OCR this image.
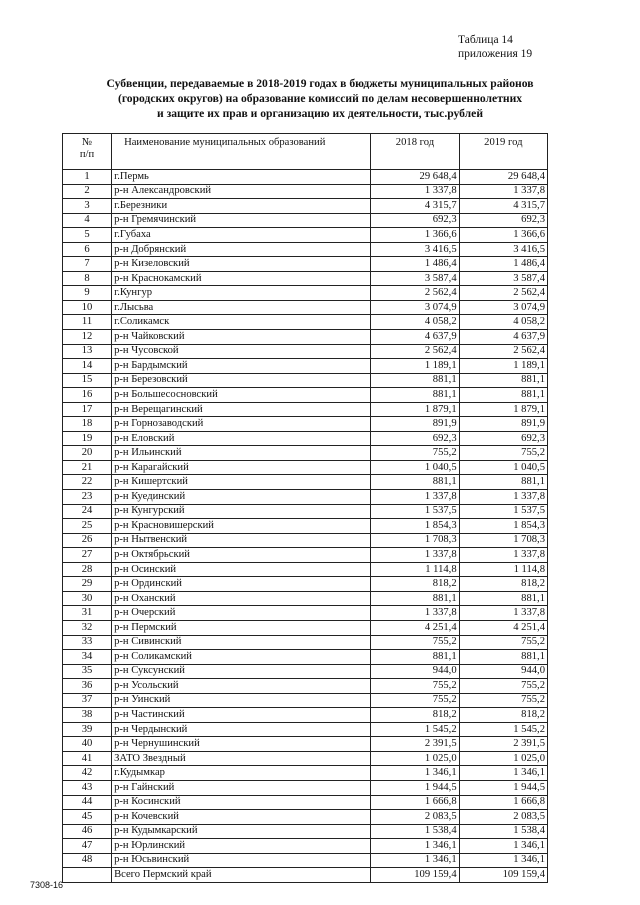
Таблица 14
приложения 19
Субвенции, передаваемые в 2018-2019 годах в бюджеты муниципальных районов
(городских округов) на образование комиссий по делам несовершеннолетних
и защите их прав и организацию их деятельности, тыс.рублей
№
п/п	Наименование муниципальных образований	2018 год	2019 год
1	г.Пермь	29 648,4	29 648,4
2	р-н Александровский	1 337,8	1 337,8
3	г.Березники	4 315,7	4 315,7
4	р-н Гремячинский	692,3	692,3
5	г.Губаха	1 366,6	1 366,6
6	р-н Добрянский	3 416,5	3 416,5
7	р-н Кизеловский	1 486,4	1 486,4
8	р-н Краснокамский	3 587,4	3 587,4
9	г.Кунгур	2 562,4	2 562,4
10	г.Лысьва	3 074,9	3 074,9
11	г.Соликамск	4 058,2	4 058,2
12	р-н Чайковский	4 637,9	4 637,9
13	р-н Чусовской	2 562,4	2 562,4
14	р-н Бардымский	1 189,1	1 189,1
15	р-н Березовский	881,1	881,1
16	р-н Большесосновский	881,1	881,1
17	р-н Верещагинский	1 879,1	1 879,1
18	р-н Горнозаводский	891,9	891,9
19	р-н Еловский	692,3	692,3
20	р-н Ильинский	755,2	755,2
21	р-н Карагайский	1 040,5	1 040,5
22	р-н Кишертский	881,1	881,1
23	р-н Куединский	1 337,8	1 337,8
24	р-н Кунгурский	1 537,5	1 537,5
25	р-н Красновишерский	1 854,3	1 854,3
26	р-н Нытвенский	1 708,3	1 708,3
27	р-н Октябрьский	1 337,8	1 337,8
28	р-н Осинский	1 114,8	1 114,8
29	р-н Ординский	818,2	818,2
30	р-н Оханский	881,1	881,1
31	р-н Очерский	1 337,8	1 337,8
32	р-н Пермский	4 251,4	4 251,4
33	р-н Сивинский	755,2	755,2
34	р-н Соликамский	881,1	881,1
35	р-н Суксунский	944,0	944,0
36	р-н Усольский	755,2	755,2
37	р-н Уинский	755,2	755,2
38	р-н Частинский	818,2	818,2
39	р-н Чердынский	1 545,2	1 545,2
40	р-н Чернушинский	2 391,5	2 391,5
41	ЗАТО Звездный	1 025,0	1 025,0
42	г.Кудымкар	1 346,1	1 346,1
43	р-н Гайнский	1 944,5	1 944,5
44	р-н Косинский	1 666,8	1 666,8
45	р-н Кочевский	2 083,5	2 083,5
46	р-н Кудымкарский	1 538,4	1 538,4
47	р-н Юрлинский	1 346,1	1 346,1
48	р-н Юсьвинский	1 346,1	1 346,1
	Всего Пермский край	109 159,4	109 159,4
7308-16
